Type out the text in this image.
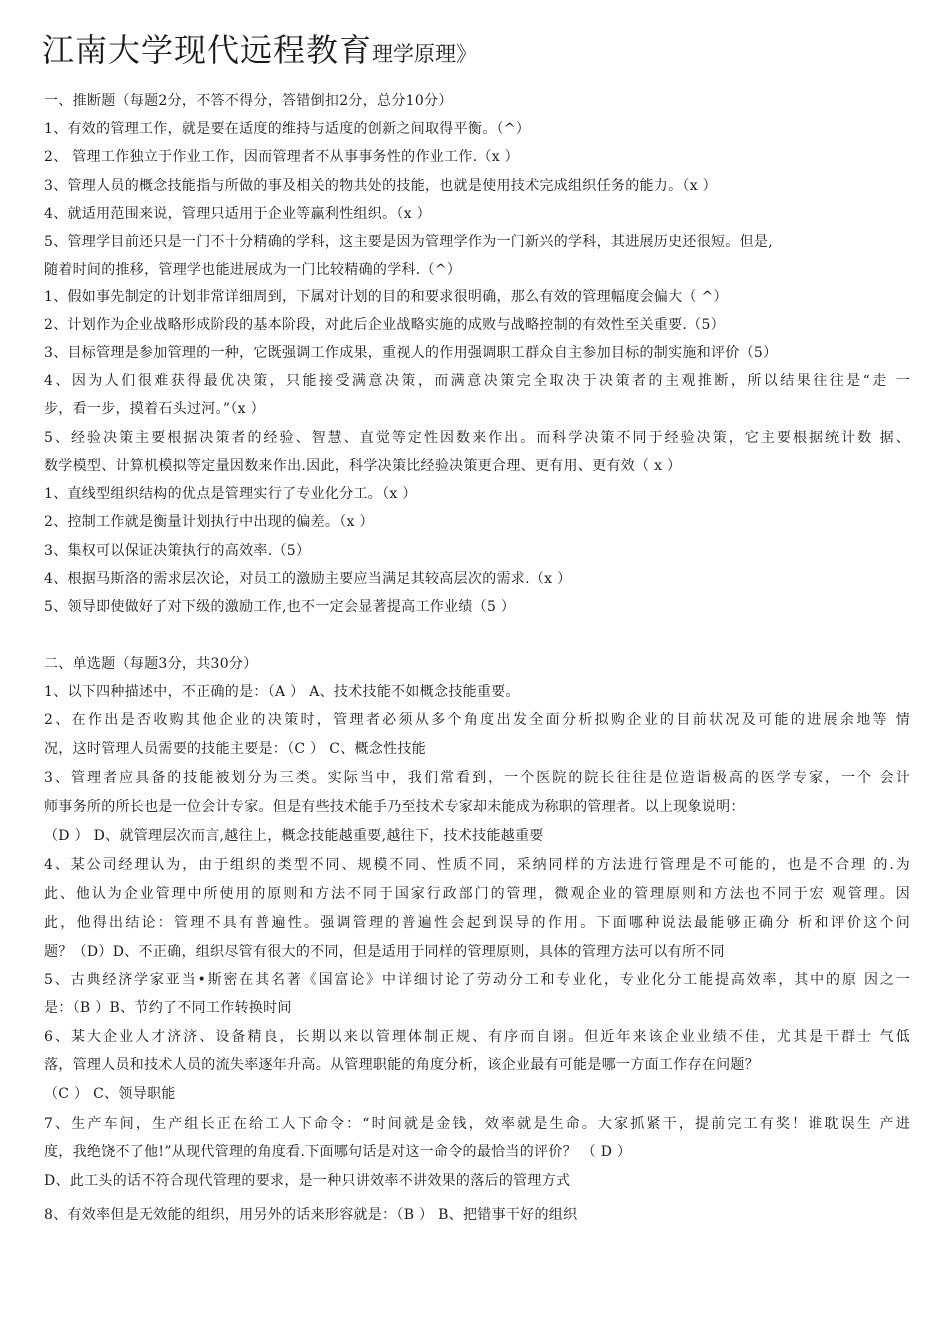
江南大学现代远程教育理学原理》
一、推断题（每题2分，不答不得分，答错倒扣2分，总分10分）
1、有效的管理工作，就是要在适度的维持与适度的创新之间取得平衡。（^）
2、 管理工作独立于作业工作，因而管理者不从事事务性的作业工作.（x ）
3、管理人员的概念技能指与所做的事及相关的物共处的技能，也就是使用技术完成组织任务的能力。（x ）
4、就适用范围来说，管理只适用于企业等赢利性组织。（x ）
5、管理学目前还只是一门不十分精确的学科，这主要是因为管理学作为一门新兴的学科，其进展历史还很短。但是,
随着时间的推移，管理学也能进展成为一门比较精确的学科.（^）
1、假如事先制定的计划非常详细周到，下属对计划的目的和要求很明确，那么有效的管理幅度会偏大（ ^）
2、计划作为企业战略形成阶段的基本阶段，对此后企业战略实施的成败与战略控制的有效性至关重要.（5）
3、目标管理是参加管理的一种，它既强调工作成果，重视人的作用强调职工群众自主参加目标的制实施和评价（5）
4、因为人们很难获得最优决策，只能接受满意决策，而满意决策完全取决于决策者的主观推断，所以结果往往是“走 一
步，看一步，摸着石头过河。”（x ）
5、经验决策主要根据决策者的经验、智慧、直觉等定性因数来作出。而科学决策不同于经验决策，它主要根据统计数 据、
数学模型、计算机模拟等定量因数来作出.因此，科学决策比经验决策更合理、更有用、更有效（ x ）
1、直线型组织结构的优点是管理实行了专业化分工。（x ）
2、控制工作就是衡量计划执行中出现的偏差。（x ）
3、集权可以保证决策执行的高效率.（5）
4、根据马斯洛的需求层次论，对员工的激励主要应当满足其较高层次的需求.（x ）
5、领导即使做好了对下级的激励工作,也不一定会显著提高工作业绩（5 ）
二、单选题（每题3分，共30分）
1、以下四种描述中，不正确的是：（A ） A、技术技能不如概念技能重要。
2、在作出是否收购其他企业的决策时，管理者必须从多个角度出发全面分析拟购企业的目前状况及可能的进展余地等 情
况，这时管理人员需要的技能主要是：（C ） C、概念性技能
3、管理者应具备的技能被划分为三类。实际当中，我们常看到，一个医院的院长往往是位造诣极高的医学专家，一个 会计
师事务所的所长也是一位会计专家。但是有些技术能手乃至技术专家却未能成为称职的管理者。以上现象说明：
（D ） D、就管理层次而言,越往上，概念技能越重要,越往下，技术技能越重要
4、某公司经理认为，由于组织的类型不同、规模不同、性质不同，采纳同样的方法进行管理是不可能的，也是不合理 的.为
此、他认为企业管理中所使用的原则和方法不同于国家行政部门的管理，微观企业的管理原则和方法也不同于宏 观管理。因
此，他得出结论：管理不具有普遍性。强调管理的普遍性会起到误导的作用。下面哪种说法最能够正确分 析和评价这个问
题？（D）D、不正确，组织尽管有很大的不同，但是适用于同样的管理原则，具体的管理方法可以有所不同
5、古典经济学家亚当•斯密在其名著《国富论》中详细讨论了劳动分工和专业化，专业化分工能提高效率，其中的原 因之一
是：（B ）B、节约了不同工作转换时间
6、某大企业人才济济、设备精良，长期以来以管理体制正规、有序而自诩。但近年来该企业业绩不佳，尤其是干群士 气低
落，管理人员和技术人员的流失率逐年升高。从管理职能的角度分析，该企业最有可能是哪一方面工作存在问题？
（C ） C、领导职能
7、生产车间，生产组长正在给工人下命令：“时间就是金钱，效率就是生命。大家抓紧干，提前完工有奖！谁耽误生 产进
度，我绝饶不了他!”从现代管理的角度看.下面哪句话是对这一命令的最恰当的评价？ （ D ）
D、此工头的话不符合现代管理的要求，是一种只讲效率不讲效果的落后的管理方式
8、有效率但是无效能的组织，用另外的话来形容就是：（B ） B、把错事干好的组织
